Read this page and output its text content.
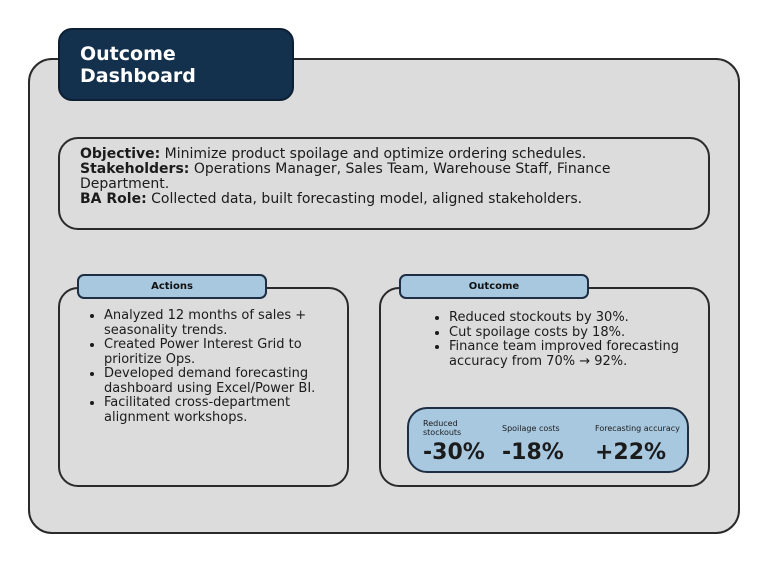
Outcome
Dashboard

Objective: Minimize product spoilage and optimize ordering schedules.

Stakeholders: Operations Manager, Sales Team, Warehouse Staff, Finance Department.

BA Role: Collected data, built forecasting model, aligned stakeholders.

• Analyzed 12 months of sales + seasonality trends.
• Created Power Interest Grid to prioritize Ops.
• Developed demand forecasting dashboard using Excel/Power BI.
• Facilitated cross-department alignment workshops.
Actions
• Reduced stockouts by 30%.
• Cut spoilage costs by 18%.
• Finance team improved forecasting accuracy from 70% → 92%.
Outcome
Reduced
stockouts
-30%
Spoilage costs
-18%
Forecasting accuracy
+22%
